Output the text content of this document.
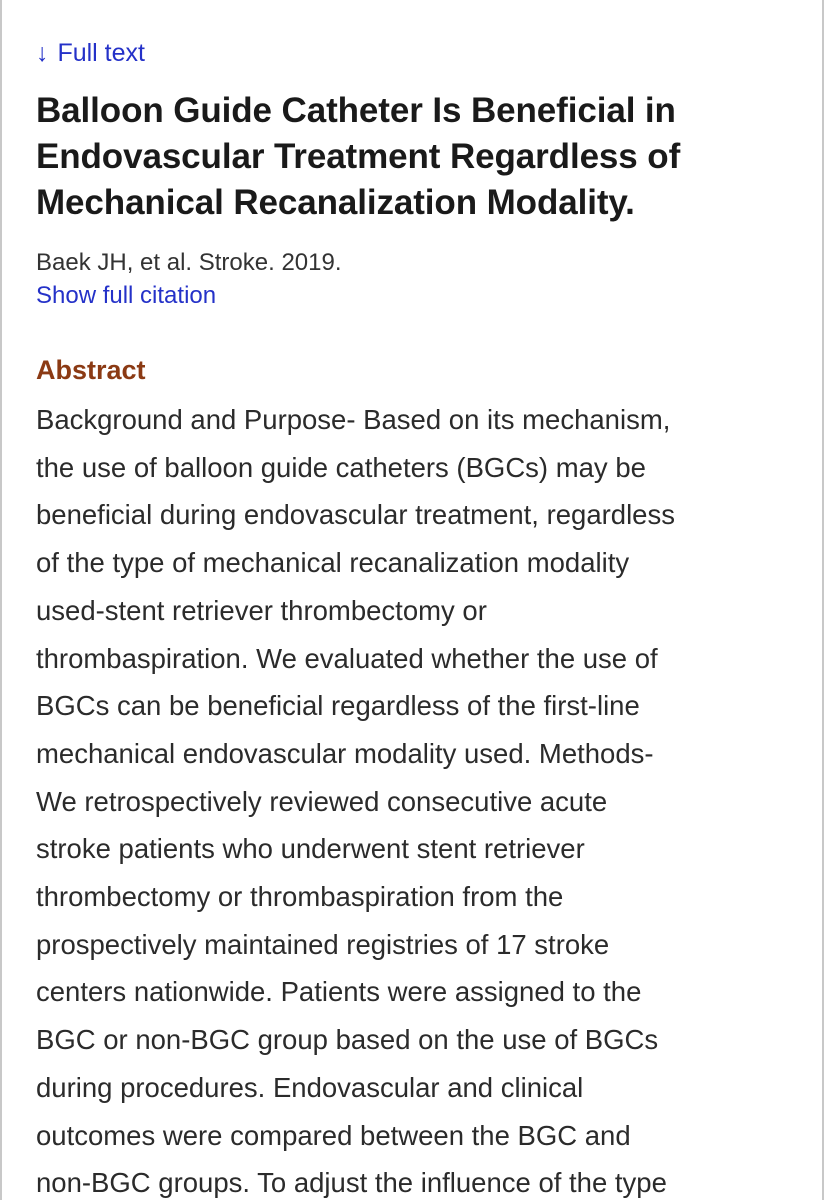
↓ Full text
Balloon Guide Catheter Is Beneficial in Endovascular Treatment Regardless of Mechanical Recanalization Modality.

Baek JH, et al. Stroke. 2019.

Show full citation
Abstract

Background and Purpose- Based on its mechanism,
the use of balloon guide catheters (BGCs) may be
beneficial during endovascular treatment, regardless
of the type of mechanical recanalization modality
used-stent retriever thrombectomy or
thrombaspiration. We evaluated whether the use of
BGCs can be beneficial regardless of the first-line
mechanical endovascular modality used. Methods-
We retrospectively reviewed consecutive acute
stroke patients who underwent stent retriever
thrombectomy or thrombaspiration from the
prospectively maintained registries of 17 stroke
centers nationwide. Patients were assigned to the
BGC or non-BGC group based on the use of BGCs
during procedures. Endovascular and clinical
outcomes were compared between the BGC and
non-BGC groups. To adjust the influence of the type
